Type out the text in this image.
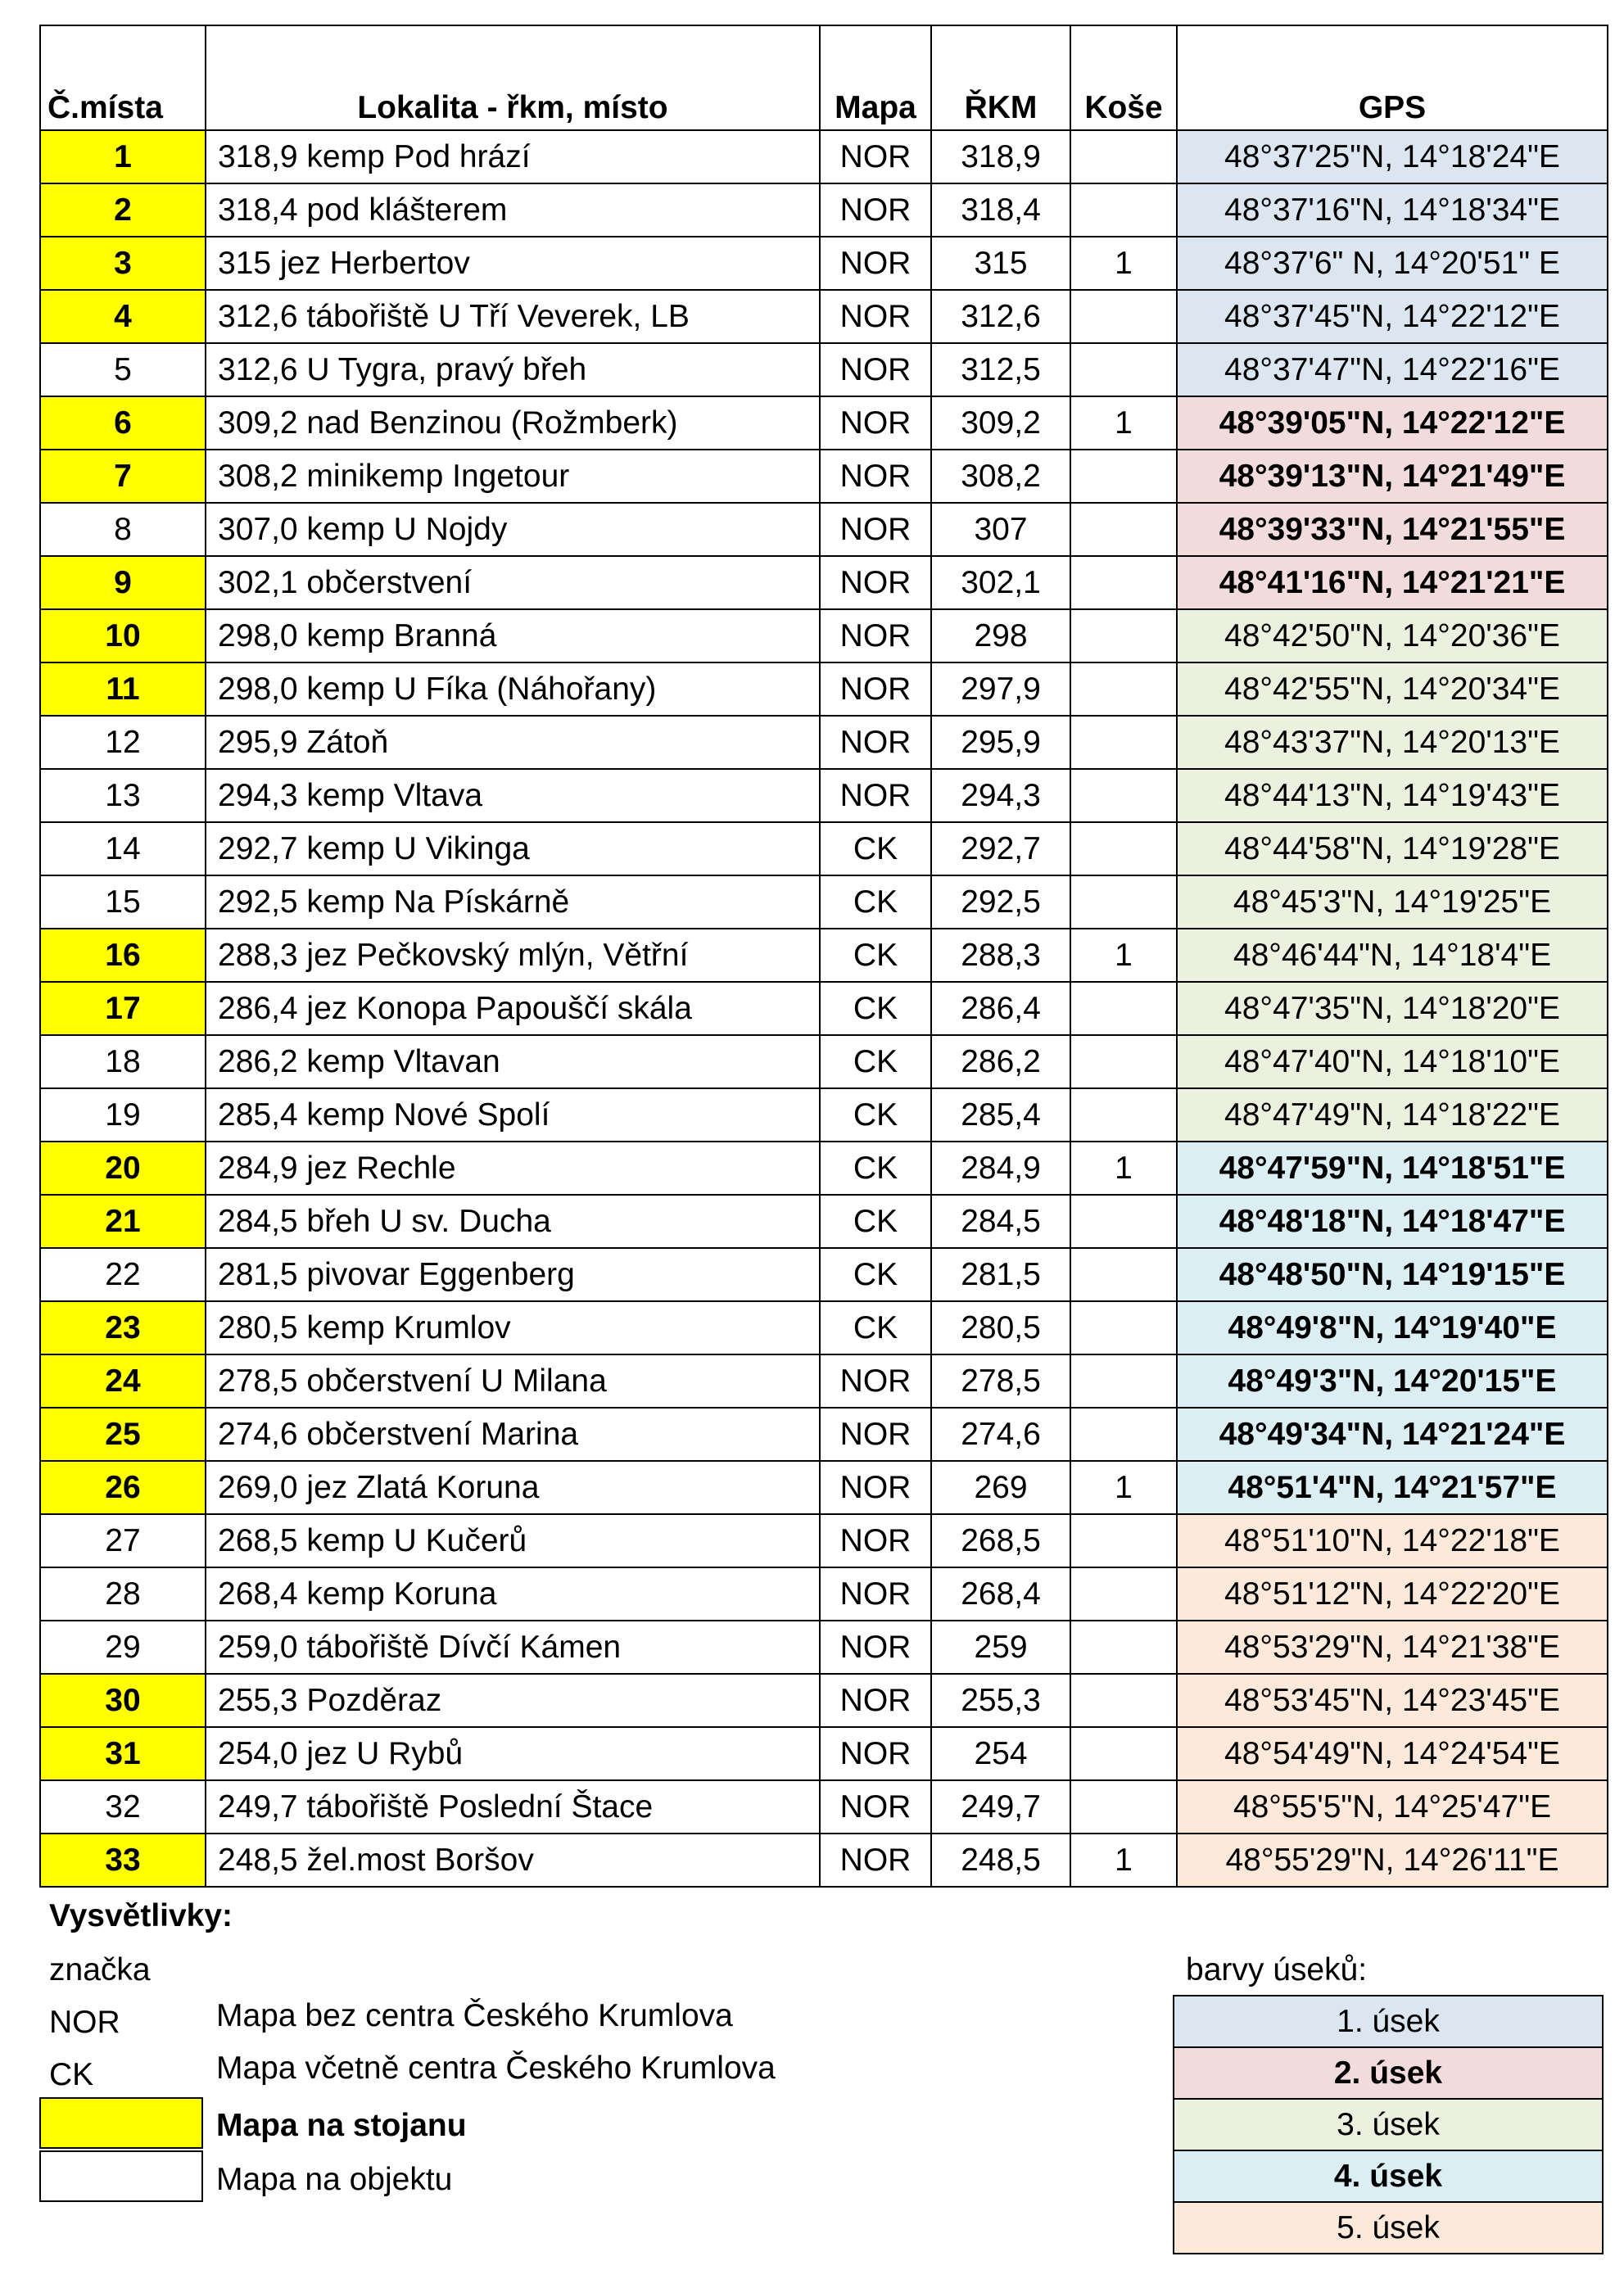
Č.místa	Lokalita - řkm, místo	Mapa	ŘKM	Koše	GPS
1	318,9 kemp Pod hrází	NOR	318,9		48°37'25"N, 14°18'24"E
2	318,4 pod klášterem	NOR	318,4		48°37'16"N, 14°18'34"E
3	315 jez Herbertov	NOR	315	1	48°37'6" N, 14°20'51" E
4	312,6 tábořiště U Tří Veverek, LB	NOR	312,6		48°37'45"N, 14°22'12"E
5	312,6 U Tygra, pravý břeh	NOR	312,5		48°37'47"N, 14°22'16"E
6	309,2 nad Benzinou (Rožmberk)	NOR	309,2	1	48°39'05"N, 14°22'12"E
7	308,2 minikemp Ingetour	NOR	308,2		48°39'13"N, 14°21'49"E
8	307,0 kemp U Nojdy	NOR	307		48°39'33"N, 14°21'55"E
9	302,1 občerstvení	NOR	302,1		48°41'16"N, 14°21'21"E
10	298,0 kemp Branná	NOR	298		48°42'50"N, 14°20'36"E
11	298,0 kemp U Fíka (Náhořany)	NOR	297,9		48°42'55"N, 14°20'34"E
12	295,9 Zátoň	NOR	295,9		48°43'37"N, 14°20'13"E
13	294,3 kemp Vltava	NOR	294,3		48°44'13"N, 14°19'43"E
14	292,7 kemp U Vikinga	CK	292,7		48°44'58"N, 14°19'28"E
15	292,5 kemp Na Pískárně	CK	292,5		48°45'3"N, 14°19'25"E
16	288,3 jez Pečkovský mlýn, Větřní	CK	288,3	1	48°46'44"N, 14°18'4"E
17	286,4 jez Konopa Papouščí skála	CK	286,4		48°47'35"N, 14°18'20"E
18	286,2 kemp Vltavan	CK	286,2		48°47'40"N, 14°18'10"E
19	285,4 kemp Nové Spolí	CK	285,4		48°47'49"N, 14°18'22"E
20	284,9 jez Rechle	CK	284,9	1	48°47'59"N, 14°18'51"E
21	284,5 břeh U sv. Ducha	CK	284,5		48°48'18"N, 14°18'47"E
22	281,5 pivovar Eggenberg	CK	281,5		48°48'50"N, 14°19'15"E
23	280,5 kemp Krumlov	CK	280,5		48°49'8"N, 14°19'40"E
24	278,5 občerstvení U Milana	NOR	278,5		48°49'3"N, 14°20'15"E
25	274,6 občerstvení Marina	NOR	274,6		48°49'34"N, 14°21'24"E
26	269,0 jez Zlatá Koruna	NOR	269	1	48°51'4"N, 14°21'57"E
27	268,5 kemp U Kučerů	NOR	268,5		48°51'10"N, 14°22'18"E
28	268,4 kemp Koruna	NOR	268,4		48°51'12"N, 14°22'20"E
29	259,0 tábořiště Dívčí Kámen	NOR	259		48°53'29"N, 14°21'38"E
30	255,3 Pozděraz	NOR	255,3		48°53'45"N, 14°23'45"E
31	254,0 jez U Rybů	NOR	254		48°54'49"N, 14°24'54"E
32	249,7 tábořiště Poslední Štace	NOR	249,7		48°55'5"N, 14°25'47"E
33	248,5 žel.most Boršov	NOR	248,5	1	48°55'29"N, 14°26'11"E
Vysvětlivky:
značka
NOR	Mapa bez centra Českého Krumlova
CK	Mapa včetně centra Českého Krumlova
Mapa na stojanu
Mapa na objektu
barvy úseků:
1. úsek
2. úsek
3. úsek
4. úsek
5. úsek
